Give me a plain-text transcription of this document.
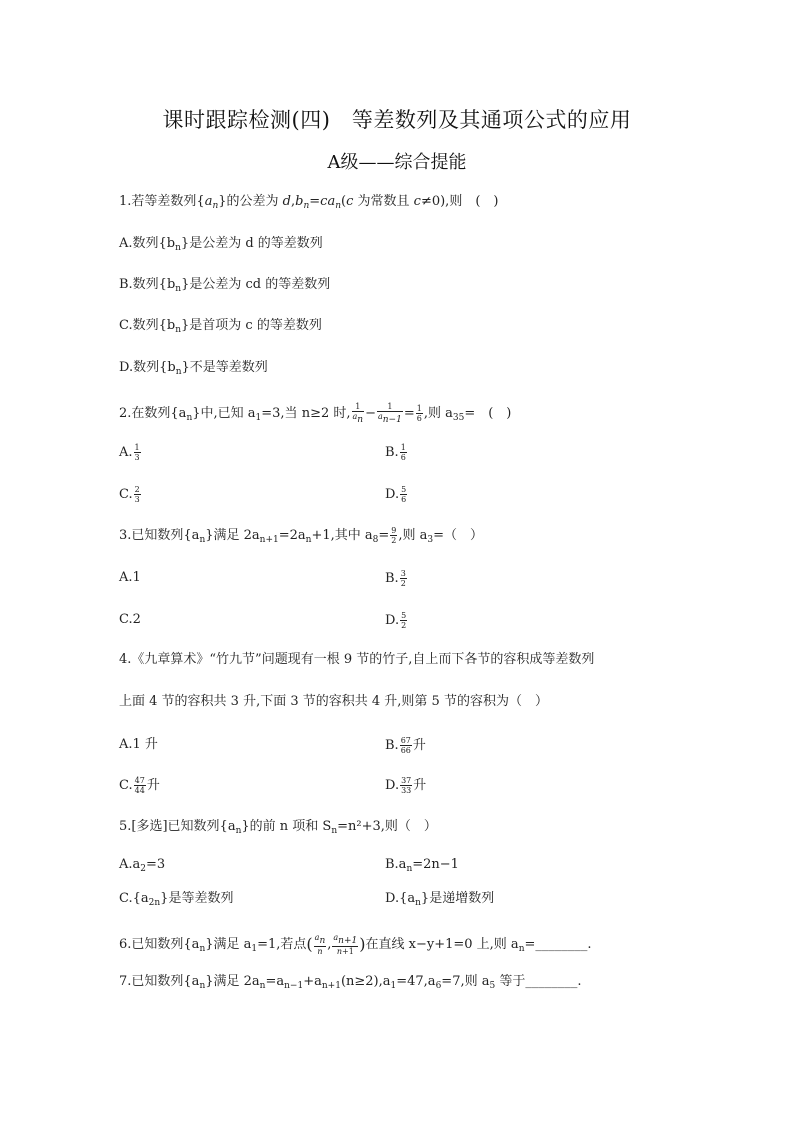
课时跟踪检测(四)　等差数列及其通项公式的应用
A级——综合提能
1.若等差数列$\{a_n\}$的公差为 $d,b_n=ca_n(c$ 为常数且 c≠0),则　(　)
A.数列$\{b_n\}$是公差为 d 的等差数列
B.数列$\{b_n\}$是公差为 cd 的等差数列
C.数列$\{b_n\}$是首项为 c 的等差数列
D.数列$\{b_n\}$不是等差数列
2.在数列$\{a_n\}$中,已知 $a_1=3$,当 n≥2 时, $\frac{1}{a_n} - \frac{1}{a_{n-1}} = \frac{1}{6}$ ,则 $a_{35}=$　(　)
A. $\frac{1}{3}$	B. $\frac{1}{6}$
C. $\frac{2}{3}$	D. $\frac{5}{6}$
3.已知数列$\{a_n\}$满足 $2a_{n+1}=2a_n+1$,其中 $a_8= \frac{9}{2}$ ,则 $a_3=$（　）
A.1	B. $\frac{3}{2}$
C.2	D. $\frac{5}{2}$
4.《九章算术》“竹九节”问题现有一根 9 节的竹子,自上而下各节的容积成等差数列
上面 4 节的容积共 3 升,下面 3 节的容积共 4 升,则第 5 节的容积为（　）
A.1 升	B. $\frac{67}{66}$ 升
C. $\frac{47}{44}$ 升	D. $\frac{37}{33}$ 升
5.[多选]已知数列$\{a_n\}$的前 n 项和 $S_n=n^2+3$,则（　）
$A.a_2=3$	$B.a_n=2n-1$
$C.\{a_{2n}\}$是等差数列	$D.\{a_n\}$是递增数列
6.已知数列$\{a_n\}$满足 $a_1=1$,若点( $\frac{a_n}{n}$ , $\frac{a_{n+1}}{n+1}$ )在直线 x−y+1=0 上,则 $a_n=\_\_\_\_\_\_\_\_$.
7.已知数列$\{a_n\}$满足 $2a_n=a_{n-1}+a_{n+1}(n\ge 2),a_1=47,a_6=7$,则 $a_5$ 等于________.
